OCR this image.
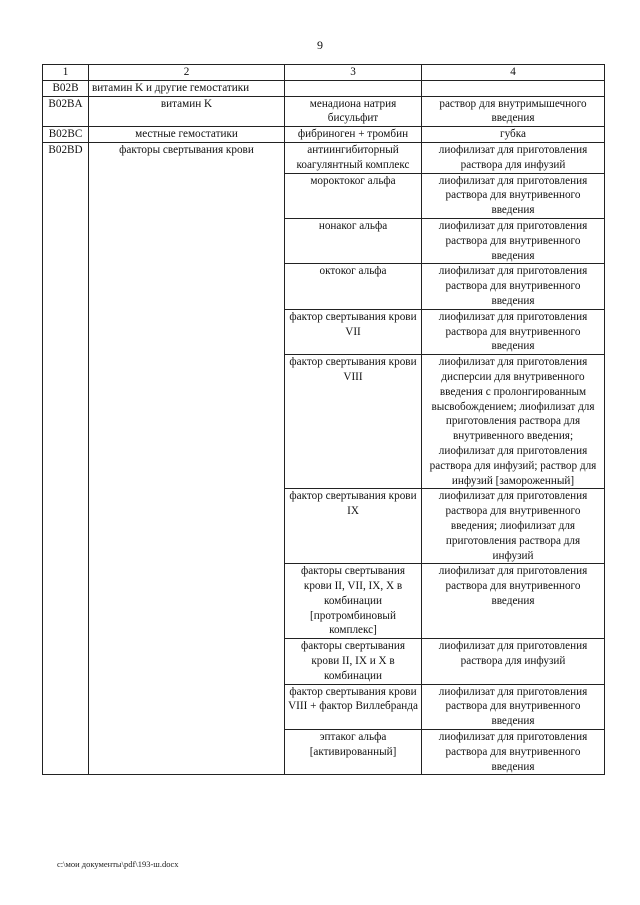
9
1	2	3	4
B02B	витамин K и другие гемостатики		
B02BA	витамин K	менадиона натрия бисульфит	раствор для внутримышечного введения
B02BC	местные гемостатики	фибриноген + тромбин	губка
B02BD	факторы свертывания крови	антиингибиторный коагулянтный комплекс	лиофилизат для приготовления раствора для инфузий
		мороктоког альфа	лиофилизат для приготовления раствора для внутривенного введения
		нонаког альфа	лиофилизат для приготовления раствора для внутривенного введения
		октоког альфа	лиофилизат для приготовления раствора для внутривенного введения
		фактор свертывания крови VII	лиофилизат для приготовления раствора для внутривенного введения
		фактор свертывания крови VIII	лиофилизат для приготовления дисперсии для внутривенного введения с пролонгированным высвобождением; лиофилизат для приготовления раствора для внутривенного введения; лиофилизат для приготовления раствора для инфузий; раствор для инфузий [замороженный]
		фактор свертывания крови IX	лиофилизат для приготовления раствора для внутривенного введения; лиофилизат для приготовления раствора для инфузий
		факторы свертывания крови II, VII, IX, X в комбинации [протромбиновый комплекс]	лиофилизат для приготовления раствора для внутривенного введения
		факторы свертывания крови II, IX и X в комбинации	лиофилизат для приготовления раствора для инфузий
		фактор свертывания крови VIII + фактор Виллебранда	лиофилизат для приготовления раствора для внутривенного введения
		эптаког альфа [активированный]	лиофилизат для приготовления раствора для внутривенного введения
c:\мои документы\pdf\193-ш.docx
